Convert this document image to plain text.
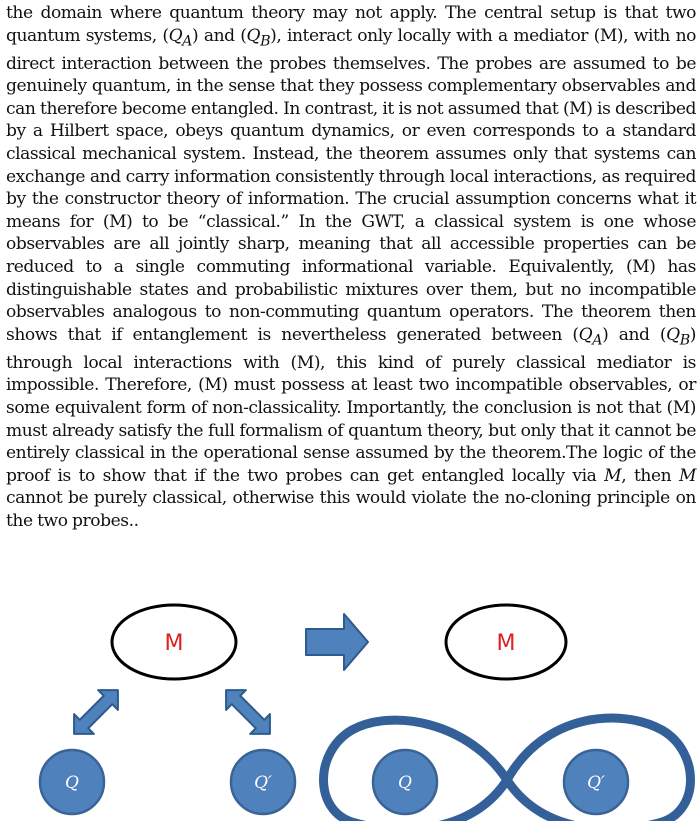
the domain where quantum theory may not apply. The central setup is that two quantum systems, $(Q_A)$ and $(Q_B)$, interact only locally with a mediator (M), with no direct interaction between the probes themselves. The probes are assumed to be genuinely quantum, in the sense that they possess complementary observables and can therefore become entangled. In contrast, it is not assumed that (M) is described by a Hilbert space, obeys quantum dynamics, or even corresponds to a standard classical mechanical system. Instead, the theorem assumes only that systems can exchange and carry information consistently through local interactions, as required by the constructor theory of information. The crucial assumption concerns what it means for (M) to be “classical.” In the GWT, a classical system is one whose observables are all jointly sharp, meaning that all accessible properties can be reduced to a single commuting informational variable. Equivalently, (M) has distinguishable states and probabilistic mixtures over them, but no incompatible observables analogous to non-commuting quantum operators. The theorem then shows that if entanglement is nevertheless generated between $(Q_A)$ and $(Q_B)$ through local interactions with (M), this kind of purely classical mediator is impossible. Therefore, (M) must possess at least two incompatible observables, or some equivalent form of non-classicality. Importantly, the conclusion is not that (M) must already satisfy the full formalism of quantum theory, but only that it cannot be entirely classical in the operational sense assumed by the theorem.The logic of the proof is to show that if the two probes can get entangled locally via M, then M cannot be purely classical, otherwise this would violate the no-cloning principle on the two probes..
M
Q	Q′
M
Q	Q′
